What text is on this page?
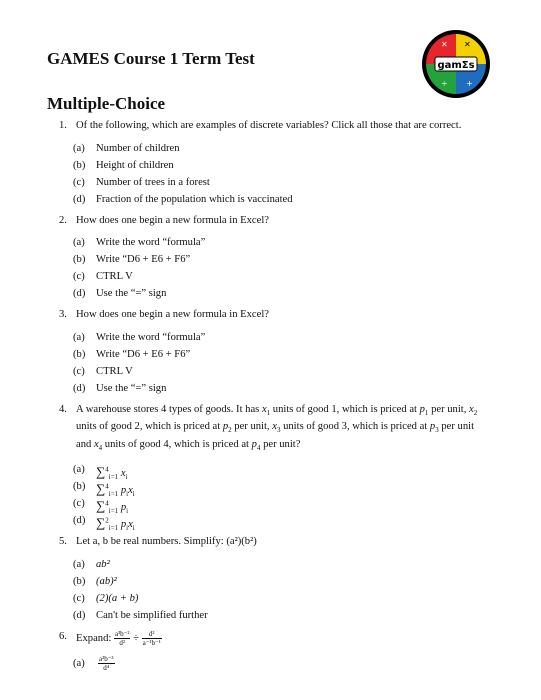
GAMES Course 1 Term Test
✕ ✕
÷ +
gamΣs
Multiple-Choice
1. Of the following, which are examples of discrete variables? Click all those that are correct.

(a) Number of children
(b) Height of children
(c) Number of trees in a forest
(d) Fraction of the population which is vaccinated
2. How does one begin a new formula in Excel?

(a) Write the word “formula”
(b) Write “D6 + E6 + F6”
(c) CTRL V
(d) Use the “=” sign
3. How does one begin a new formula in Excel?

(a) Write the word “formula”
(b) Write “D6 + E6 + F6”
(c) CTRL V
(d) Use the “=” sign
4. A warehouse stores 4 types of goods. It has $x_1$ units of good 1, which is priced at $p_1$ per unit, $x_2$ units of good 2, which is priced at $p_2$ per unit, $x_3$ units of good 3, which is priced at $p_3$ per unit and $x_4$ units of good 4, which is priced at $p_4$ per unit?

(a) ∑$^4_{i=1}$ $x_i$
(b) ∑$^4_{i=1}$ $p_ix_i$
(c) ∑$^4_{i=1}$ $p_i$
(d) ∑$^2_{i=1}$ $p_ix_i$
5. Let a, b be real numbers. Simplify: (a²)(b²)

(a) ab²
(b) (ab)²
(c) (2)(a + b)
(d) Can't be simplified further
6. Expand: $\frac{\text{a³b⁻²}}{\text{d²}} \div \frac{\text{d²}}{\text{a⁻¹b⁻¹}}$

$(a) \frac{\text{a²b⁻³}}{\text{d⁴}}$
